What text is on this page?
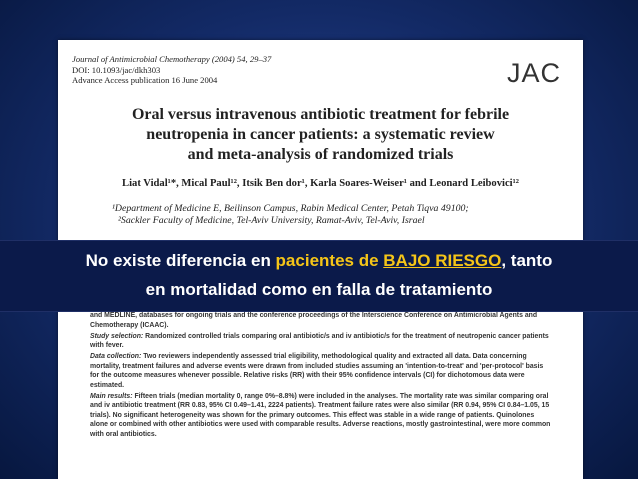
Journal of Antimicrobial Chemotherapy (2004) 54, 29–37
DOI: 10.1093/jac/dkh303
Advance Access publication 16 June 2004	JAC
Oral versus intravenous antibiotic treatment for febrile
neutropenia in cancer patients: a systematic review
and meta-analysis of randomized trials
Liat Vidal¹*, Mical Paul¹², Itsik Ben dor¹, Karla Soares-Weiser¹ and Leonard Leibovici¹²
¹Department of Medicine E, Beilinson Campus, Rabin Medical Center, Petah Tiqva 49100;
²Sackler Faculty of Medicine, Tel-Aviv University, Ramat-Aviv, Tel-Aviv, Israel

and MEDLINE, databases for ongoing trials and the conference proceedings of the Interscience Conference on Antimicrobial Agents and Chemotherapy (ICAAC).

Study selection: Randomized controlled trials comparing oral antibiotic/s and iv antibiotic/s for the treatment of neutropenic cancer patients with fever.

Data collection: Two reviewers independently assessed trial eligibility, methodological quality and extracted all data. Data concerning mortality, treatment failures and adverse events were drawn from included studies assuming an 'intention-to-treat' and 'per-protocol' basis for the outcome measures whenever possible. Relative risks (RR) with their 95% confidence intervals (CI) for dichotomous data were estimated.

Main results: Fifteen trials (median mortality 0, range 0%–8.8%) were included in the analyses. The mortality rate was similar comparing oral and iv antibiotic treatment (RR 0.83, 95% CI 0.49–1.41, 2224 patients). Treatment failure rates were also similar (RR 0.94, 95% CI 0.84–1.05, 15 trials). No significant heterogeneity was shown for the primary outcomes. This effect was stable in a wide range of patients. Quinolones alone or combined with other antibiotics were used with comparable results. Adverse reactions, mostly gastrointestinal, were more common with oral antibiotics.

No existe diferencia en pacientes de BAJO RIESGO, tanto
en mortalidad como en falla de tratamiento
